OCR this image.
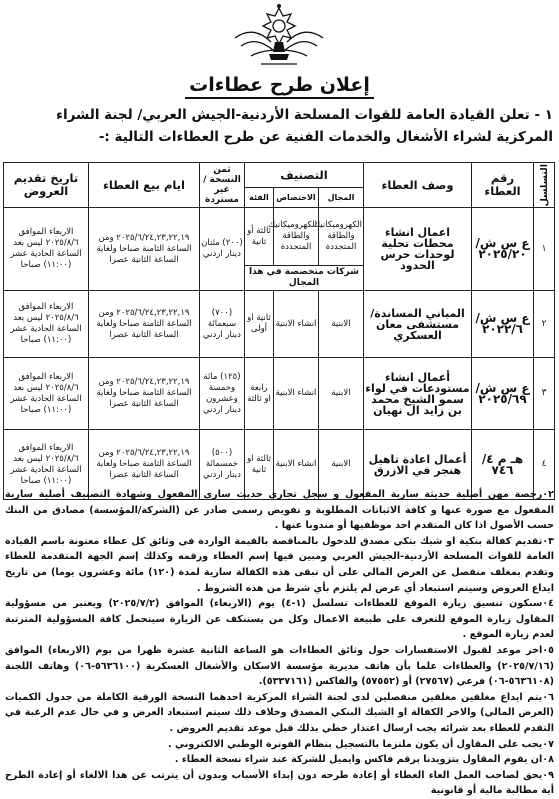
إعلان طرح عطاءات
١ - تعلن القيادة العامة للقوات المسلحة الأردنية-الجيش العربي/ لجنة الشراء المركزية لشراء الأشغال والخدمات الفنية عن طرح العطاءات التالية :-
التسلسل	رقم العطاء	وصف العطاء	التصنيف			ثمن النسخة /غير مستردة	ايام بيع العطاء	تاريخ تقديم العروض
			المجال	الاختصاص	الفئة			
١	ع س ش/ ٢٠٢٥/٢٠	اعمال انشاء محطات تحلية لوحدات حرس الحدود	الكهروميكانيك والطاقة المتجددة	الكهروميكانيك والطاقة المتجددة	ثالثة أو ثانية	(٢٠٠) مئتان دينار اردني	٢٠٢٥/٦/٢٤,٢٣,٢٢,١٩ ومن الساعة الثامنة صباحا ولغاية الساعة الثانية عصرا	الاربعاء الموافق ٢٠٢٥/٨/٦ ليس بعد الساعة الحادية عشر (١١:٠٠) صباحا
			شركات متخصصة في هذا المجال					
٢	ع س ش/ ٢٠٢٢/٦	المباني المساندة/ مستشفى معان العسكري	الابنية	انشاء الابنية	ثانية او أولى	(٧٠٠) سبعمائة دينار اردني	٢٠٢٥/٦/٢٤,٢٣,٢٢,١٩ ومن الساعة الثامنة صباحا ولغاية الساعة الثانية عصرا	الاربعاء الموافق ٢٠٢٥/٨/٦ ليس بعد الساعة الحادية عشر (١١:٠٠) صباحا
٣	ع س ش/ ٢٠٢٥/٦٩	أعمال انشاء مستودعات في لواء سمو الشيخ محمد بن زايد ال نهيان	الابنية	انشاء الابنية	رابعة او ثالثة	(١٢٥) مائة وخمسة وعشرون دينار اردني	٢٠٢٥/٦/٢٤,٢٣,٢٢,١٩ ومن الساعة الثامنة صباحا ولغاية الساعة الثانية عصرا	الاربعاء الموافق ٢٠٢٥/٨/٦ ليس بعد الساعة الحادية عشر (١١:٠٠) صباحا
٤	هـ م ٤/ ٧٤٦	أعمال اعادة تاهيل هنجر في الازرق	الابنية	انشاء الابنية	ثالثة او ثانية	(٥٠٠) خمسمائة دينار اردني	٢٠٢٥/٦/٢٤,٢٣,٢٢,١٩ ومن الساعة الثامنة صباحا ولغاية الساعة الثانية عصرا	الاربعاء الموافق ٢٠٢٥/٨/٦ ليس بعد الساعة الحادية عشر (١١:٠٠) صباحا

٠٢رخصة مهن أصلية حديثة سارية المفعول و سجل تجاري حديث ساري المفعول وشهادة التصنيف أصلية سارية المفعول مع صورة عنها و كافة الاثباتات المطلوبة و تفويض رسمي صادر عن (الشركة/المؤسسة) مصادق من البنك حسب الأصول اذا كان المتقدم احد موظفيها أو مندوبا عنها .

٠٣تقديم كفالة بنكية او شيك بنكي مصدق للدخول بالمناقصة بالقيمة الواردة في وثائق كل عطاء معنونة باسم القيادة العامة للقوات المسلحة الأردنية-الجيش العربي ومبين فيها إسم العطاء ورقمه وكذلك إسم الجهة المتقدمة للعطاء وتقدم بمغلف منفصل عن العرض المالي على أن تبقى هذه الكفالة سارية لمدة (١٢٠) مائة وعشرون يوما) من تاريخ ايداع العروض وسيتم استبعاد أي عرض لم يلتزم بأي شرط من هذه الشروط .

٠٤سنكون تنسيق زيارة الموقع للعطاءات تسلسل (١-٤) يوم (الاربعاء) الموافق (٢٠٢٥/٧/٢) ويعتبر من مسؤولية المقاول زيارة الموقع للتعرف على طبيعة الاعمال وكل من يستنكف عن الزيارة سيتحمل كافة المسؤولية المترتبة لعدم زيارة الموقع .

٠٥اخر موعد لقبول الاستفسارات حول وثائق العطاءات هو الساعة الثانية عشرة ظهرا من يوم (الاربعاء) الموافق (٢٠٢٥/٧/١٦) والعطاءات علما بأن هاتف مديرية مؤسسة الاسكان والأشغال العسكرية (٥٦٣٦١٠٠-٠٦) وهاتف اللجنة (٥٦٣٦١٠٨-٠٦) فرعي (٢٧٥٦٧) أو (٥٧٥٥٢) والفاكس (٥٣٣٧١٦١).

٠٦يتم ايداع مغلفين مغلقين منفصلين لدى لجنة الشراء المركزية احدهما النسخة الورقية الكاملة من جدول الكميات (العرض المالي) والاخر الكفالة او الشيك البنكي المصدق وخلاف ذلك سيتم استبعاد العرض و في حال عدم الرغبة في التقدم للعطاء بعد شرائه يجب ارسال اعتذار خطي بذلك قبل موعد تقديم العروض .

٠٧يجب على المقاول أن يكون ملتزما بالتسجيل بنظام الفوترة الوطني الالكتروني .

٠٨ان يقوم المقاول بتزويدنا برقم فاكس وايميل للشركة عند شراء نسخة العطاء .

٠٩يحق لصاحب العمل الغاء العطاء أو إعادة طرحه دون إبداء الأسباب وبدون أن يترتب عن هذا الالغاء أو إعادة الطرح أية مطالبة مالية أو قانونية
